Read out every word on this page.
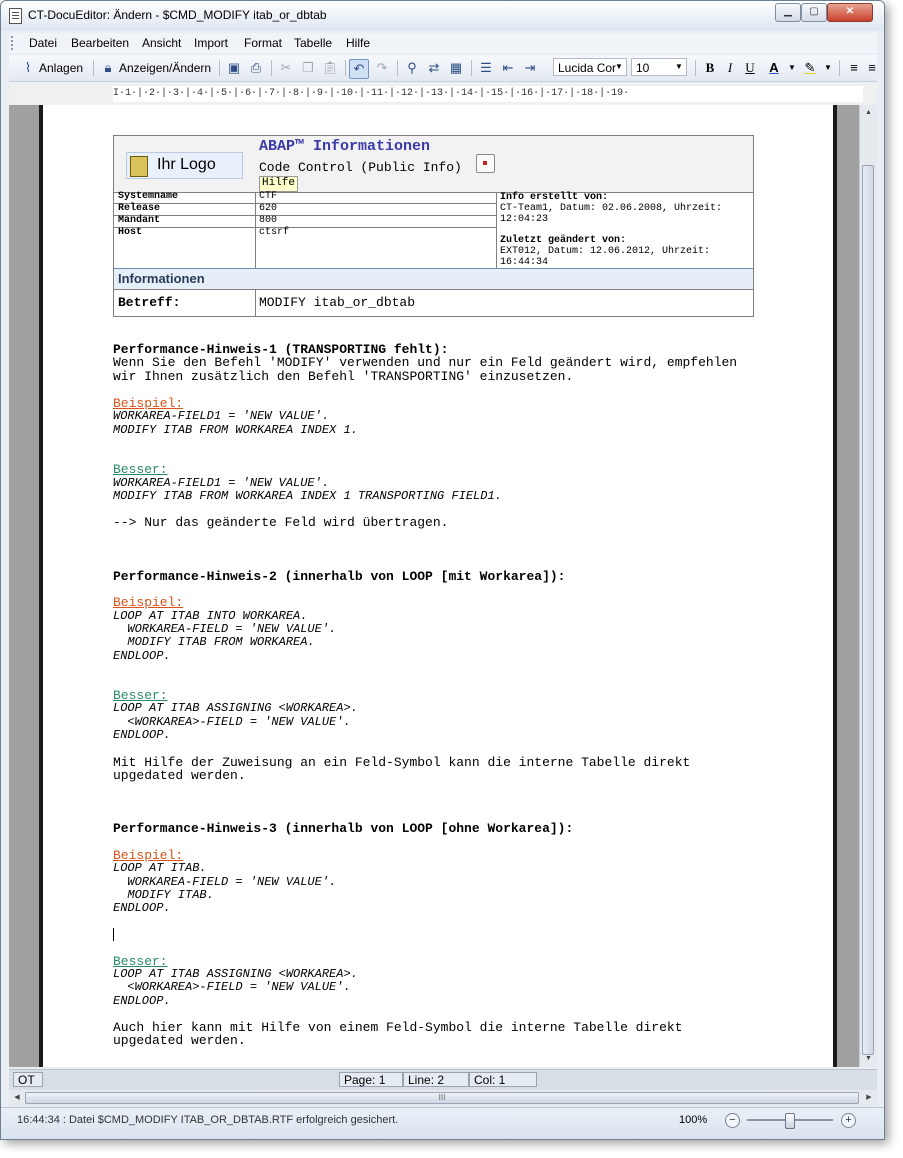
CT-DocuEditor: Ändern - $CMD_MODIFY itab_or_dbtab	▁	▢	✕
Datei Bearbeiten Ansicht Import Format Tabelle Hilfe
⌇ Anlagen	🔒︎ Anzeigen/Ändern ▣ ⎙ ✂ ❐ 📋︎	↶ ↷	⚲ ⇄ ▦ ☰ ⇤ ⇥	Lucida Cor ▼	10	▼	B	I	U	A	▼ ✎	▼	≡ ≡
I·1·|·2·|·3·|·4·|·5·|·6·|·7·|·8·|·9·|·10·|·11·|·12·|·13·|·14·|·15·|·16·|·17·|·18·|·19·
▲
▼
OT	Page: 1	Line: 2	Col: 1
◀	III	▶
16:44:34 : Datei $CMD_MODIFY ITAB_OR_DBTAB.RTF erfolgreich gesichert.	100%	−	+
Ihr Logo
ABAP™ Informationen
Code Control (Public Info)
Hilfe
Systemname	CTF
Release	620
Mandant	800
Host	ctsrf
Info erstellt von:
CT-Team1, Datum: 02.06.2008, Uhrzeit:
12:04:23
Zuletzt geändert von:
EXT012, Datum: 12.06.2012, Uhrzeit:
16:44:34
Informationen
Betreff:	MODIFY itab_or_dbtab
Performance-Hinweis-1 (TRANSPORTING fehlt):
Wenn Sie den Befehl 'MODIFY' verwenden und nur ein Feld geändert wird, empfehlen
wir Ihnen zusätzlich den Befehl 'TRANSPORTING' einzusetzen.
Beispiel:
WORKAREA-FIELD1 = 'NEW VALUE'.
MODIFY ITAB FROM WORKAREA INDEX 1.
Besser:
WORKAREA-FIELD1 = 'NEW VALUE'.
MODIFY ITAB FROM WORKAREA INDEX 1 TRANSPORTING FIELD1.
--> Nur das geänderte Feld wird übertragen.
Performance-Hinweis-2 (innerhalb von LOOP [mit Workarea]):
Beispiel:
LOOP AT ITAB INTO WORKAREA.
WORKAREA-FIELD = 'NEW VALUE'.
MODIFY ITAB FROM WORKAREA.
ENDLOOP.
Besser:
LOOP AT ITAB ASSIGNING <WORKAREA>.
<WORKAREA>-FIELD = 'NEW VALUE'.
ENDLOOP.
Mit Hilfe der Zuweisung an ein Feld-Symbol kann die interne Tabelle direkt
upgedated werden.
Performance-Hinweis-3 (innerhalb von LOOP [ohne Workarea]):
Beispiel:
LOOP AT ITAB.
WORKAREA-FIELD = 'NEW VALUE'.
MODIFY ITAB.
ENDLOOP.
Besser:
LOOP AT ITAB ASSIGNING <WORKAREA>.
<WORKAREA>-FIELD = 'NEW VALUE'.
ENDLOOP.
Auch hier kann mit Hilfe von einem Feld-Symbol die interne Tabelle direkt
upgedated werden.
